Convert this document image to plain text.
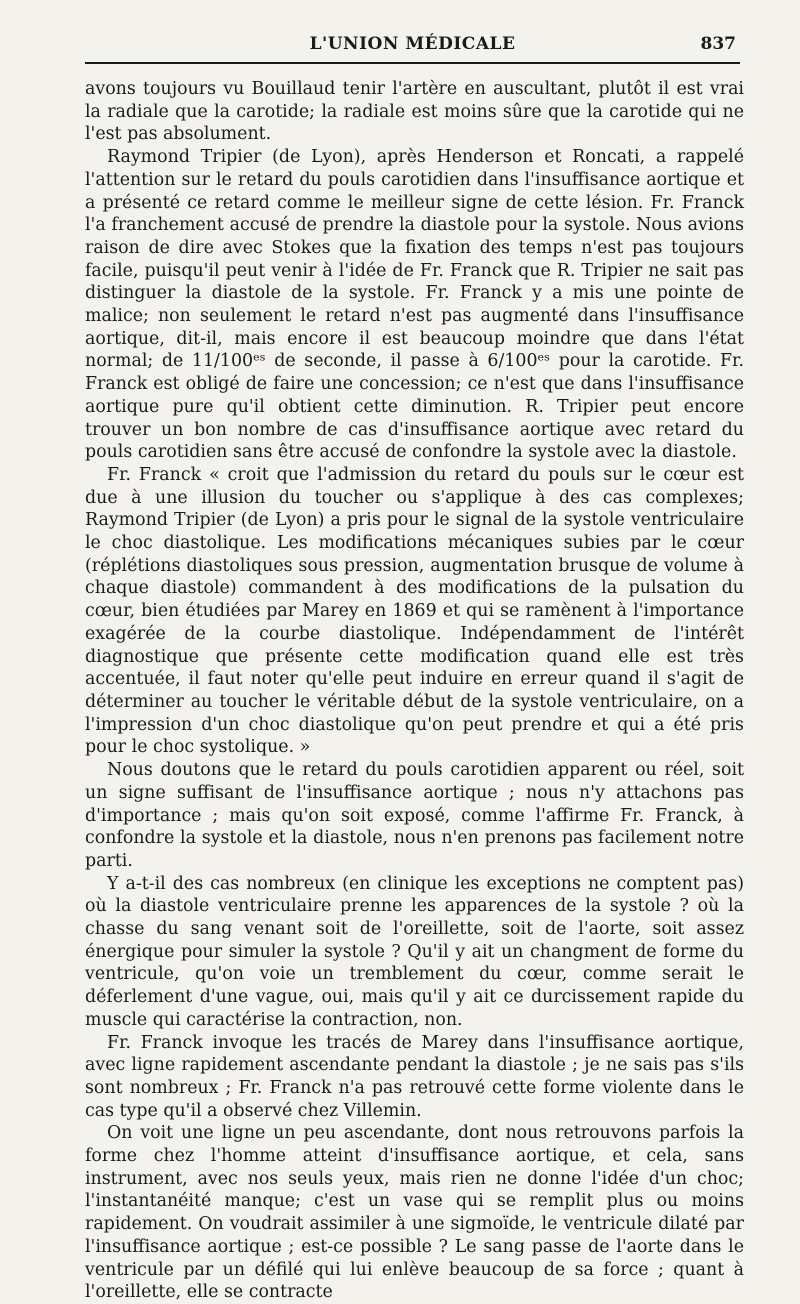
L'UNION MÉDICALE	837

avons toujours vu Bouillaud tenir l'artère en auscultant, plutôt il est vrai la radiale que la carotide; la radiale est moins sûre que la carotide qui ne l'est pas absolument.

Raymond Tripier (de Lyon), après Henderson et Roncati, a rappelé l'attention sur le retard du pouls carotidien dans l'insuffisance aortique et a présenté ce retard comme le meilleur signe de cette lésion. Fr. Franck l'a franchement accusé de prendre la diastole pour la systole. Nous avions raison de dire avec Stokes que la fixation des temps n'est pas toujours facile, puisqu'il peut venir à l'idée de Fr. Franck que R. Tripier ne sait pas distinguer la diastole de la systole. Fr. Franck y a mis une pointe de malice; non seulement le retard n'est pas augmenté dans l'insuffisance aortique, dit-il, mais encore il est beaucoup moindre que dans l'état normal; de 11/100ᵉˢ de seconde, il passe à 6/100ᵉˢ pour la carotide. Fr. Franck est obligé de faire une concession; ce n'est que dans l'insuffisance aortique pure qu'il obtient cette diminution. R. Tripier peut encore trouver un bon nombre de cas d'insuffisance aortique avec retard du pouls carotidien sans être accusé de confondre la systole avec la diastole.

Fr. Franck « croit que l'admission du retard du pouls sur le cœur est due à une illusion du toucher ou s'applique à des cas complexes; Raymond Tripier (de Lyon) a pris pour le signal de la systole ventriculaire le choc diastolique. Les modifications mécaniques subies par le cœur (réplétions diastoliques sous pression, augmentation brusque de volume à chaque diastole) commandent à des modifications de la pulsation du cœur, bien étudiées par Marey en 1869 et qui se ramènent à l'importance exagérée de la courbe diastolique. Indépendamment de l'intérêt diagnostique que présente cette modification quand elle est très accentuée, il faut noter qu'elle peut induire en erreur quand il s'agit de déterminer au toucher le véritable début de la systole ventriculaire, on a l'impression d'un choc diastolique qu'on peut prendre et qui a été pris pour le choc systolique. »

Nous doutons que le retard du pouls carotidien apparent ou réel, soit un signe suffisant de l'insuffisance aortique ; nous n'y attachons pas d'importance ; mais qu'on soit exposé, comme l'affirme Fr. Franck, à confondre la systole et la diastole, nous n'en prenons pas facilement notre parti.

Y a-t-il des cas nombreux (en clinique les exceptions ne comptent pas) où la diastole ventriculaire prenne les apparences de la systole ? où la chasse du sang venant soit de l'oreillette, soit de l'aorte, soit assez énergique pour simuler la systole ? Qu'il y ait un changment de forme du ventricule, qu'on voie un tremblement du cœur, comme serait le déferlement d'une vague, oui, mais qu'il y ait ce durcissement rapide du muscle qui caractérise la contraction, non.

Fr. Franck invoque les tracés de Marey dans l'insuffisance aortique, avec ligne rapidement ascendante pendant la diastole ; je ne sais pas s'ils sont nombreux ; Fr. Franck n'a pas retrouvé cette forme violente dans le cas type qu'il a observé chez Villemin.

On voit une ligne un peu ascendante, dont nous retrouvons parfois la forme chez l'homme atteint d'insuffisance aortique, et cela, sans instrument, avec nos seuls yeux, mais rien ne donne l'idée d'un choc; l'instantanéité manque; c'est un vase qui se remplit plus ou moins rapidement. On voudrait assimiler à une sigmoïde, le ventricule dilaté par l'insuffisance aortique ; est-ce possible ? Le sang passe de l'aorte dans le ventricule par un défilé qui lui enlève beaucoup de sa force ; quant à l'oreillette, elle se contracte
